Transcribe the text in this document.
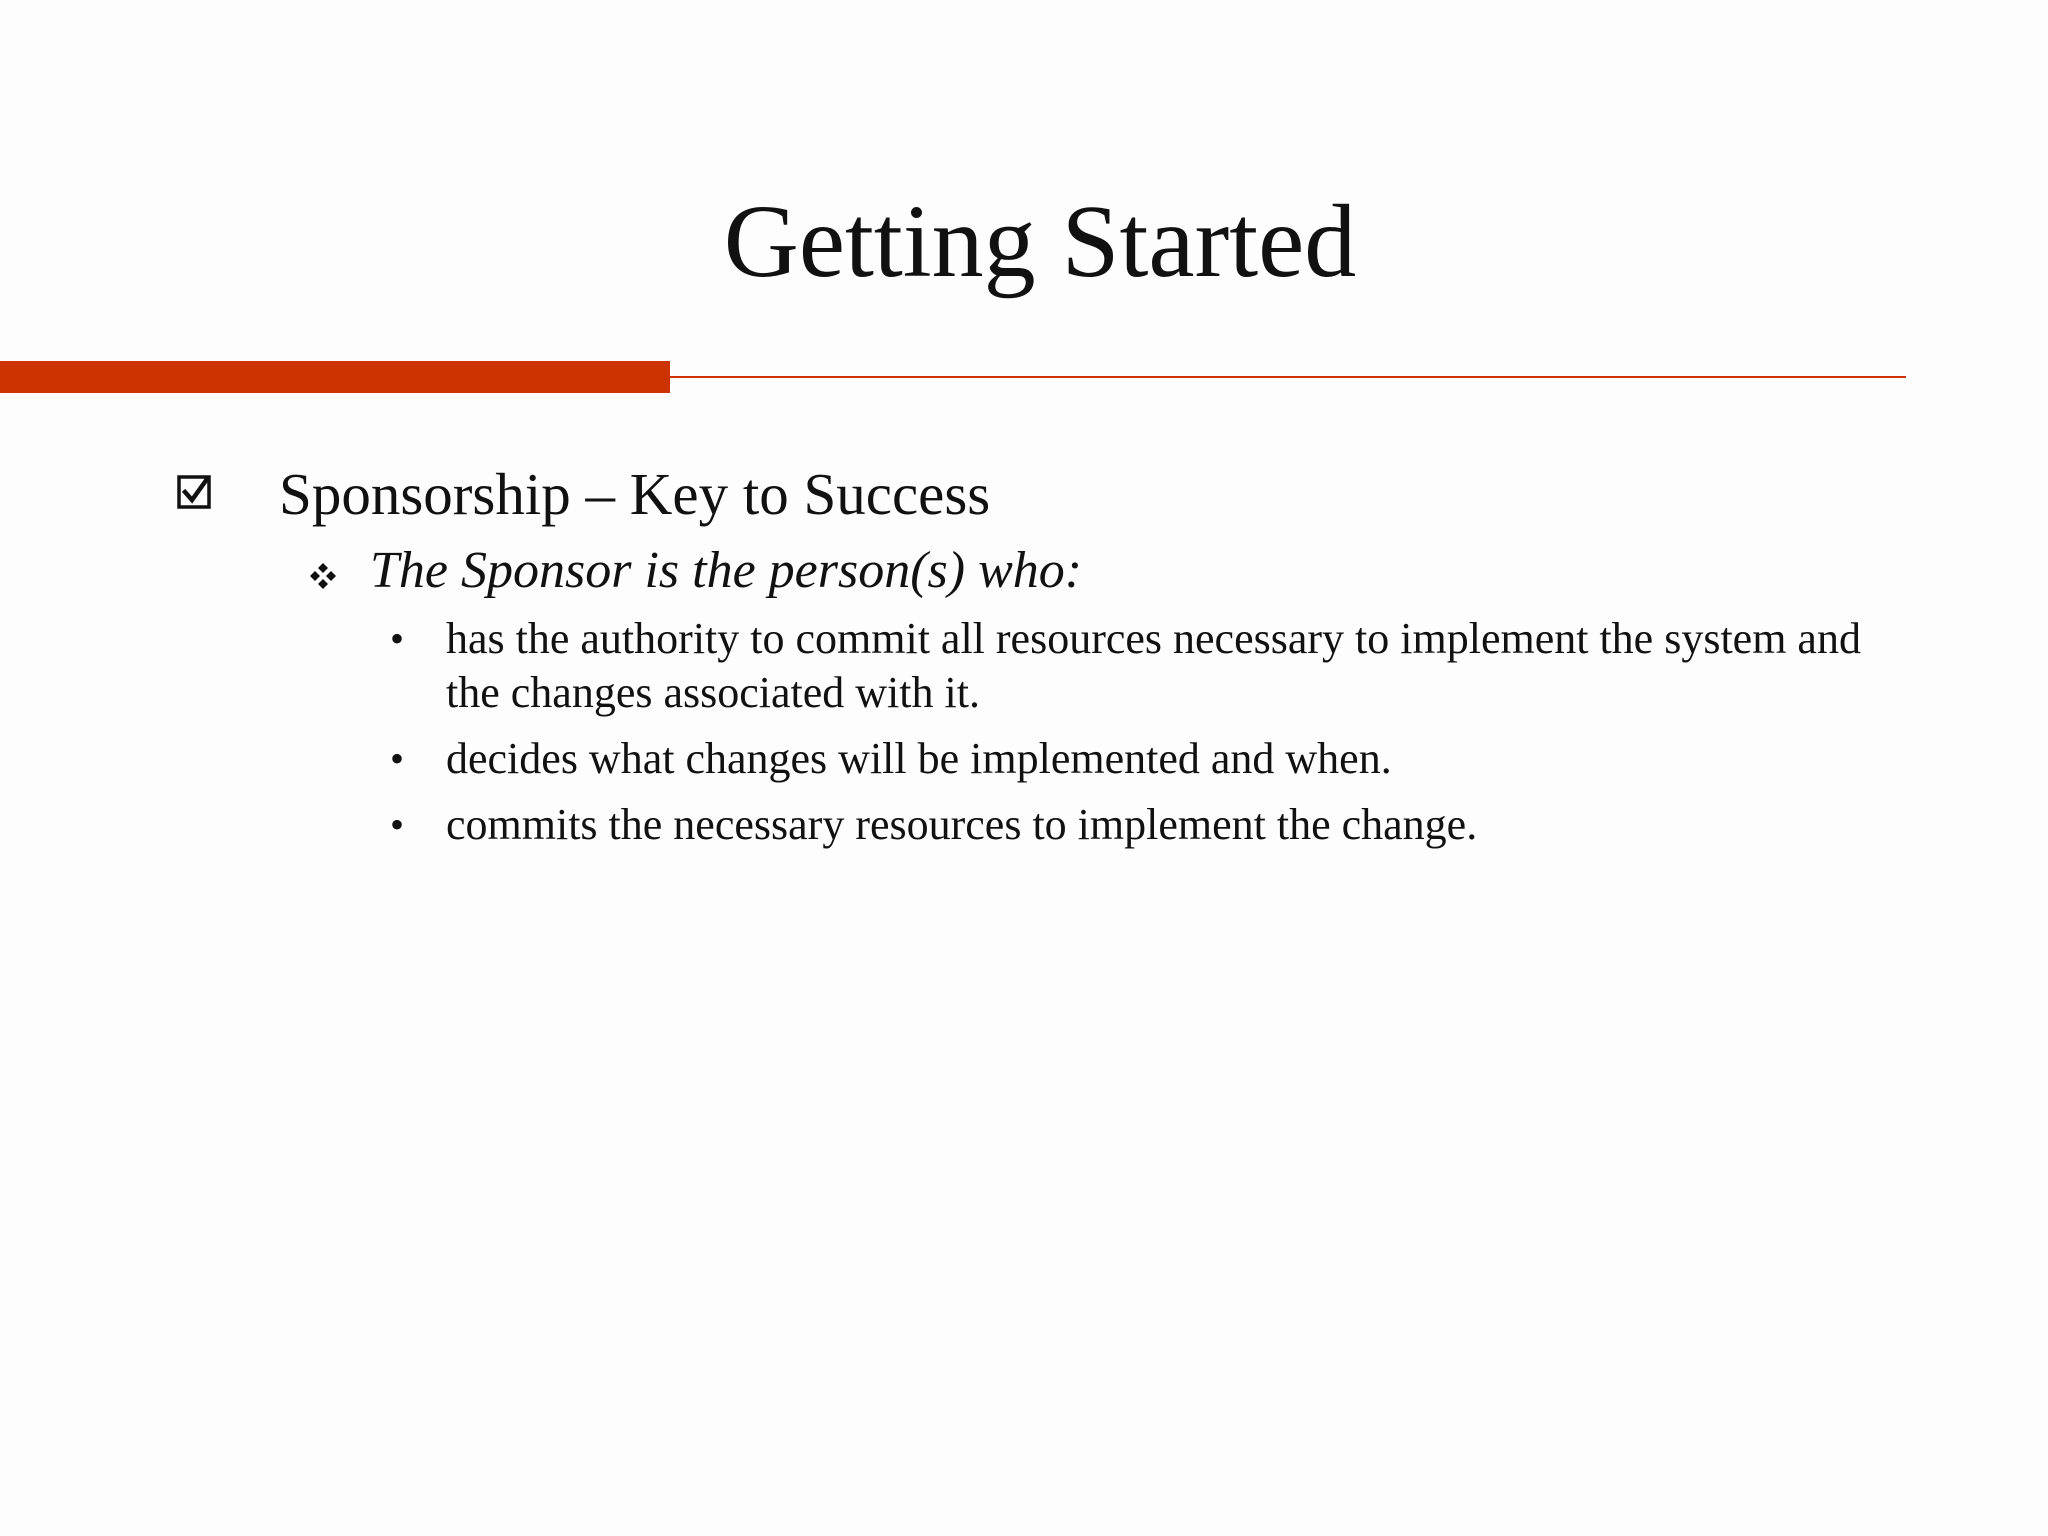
Getting Started
Sponsorship – Key to Success
The Sponsor is the person(s) who:
• has the authority to commit all resources necessary to implement the system and the changes associated with it.
• decides what changes will be implemented and when.
• commits the necessary resources to implement the change.
